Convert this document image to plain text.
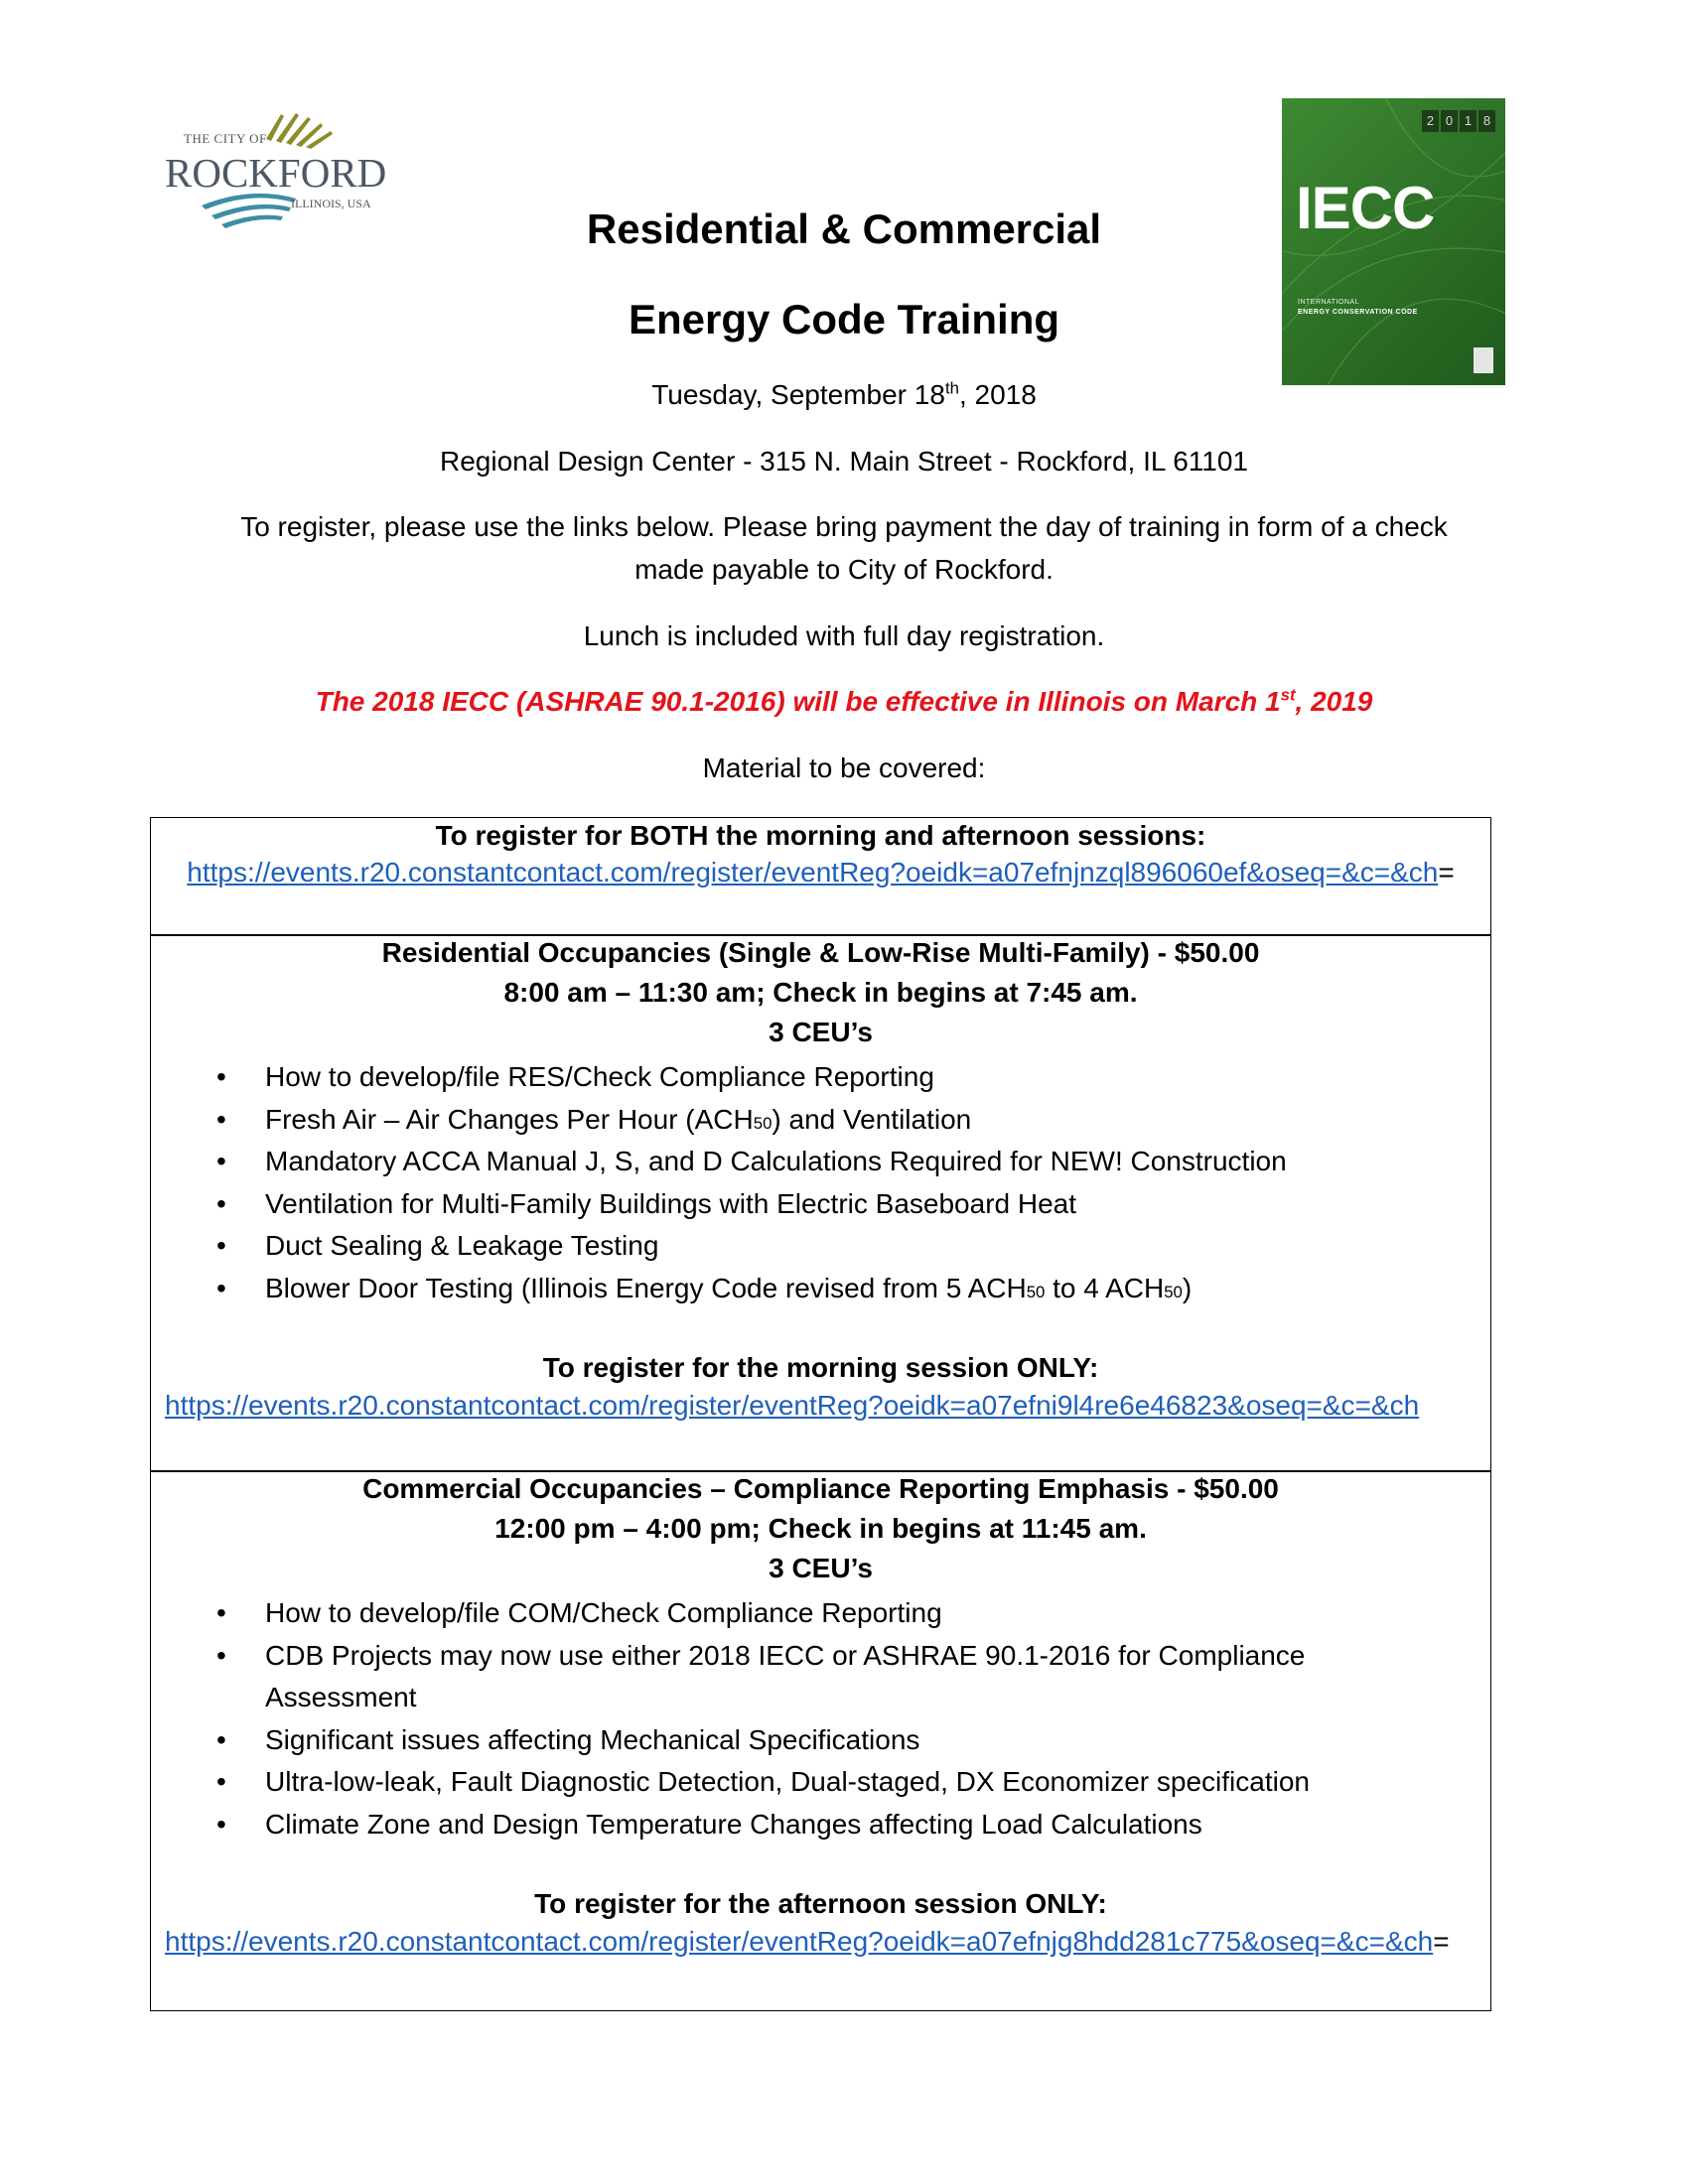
THE CITY OF
ROCKFORD
ILLINOIS, USA
2 0 1 8
IECC
INTERNATIONAL
ENERGY CONSERVATION CODE
Residential & Commercial
Energy Code Training
Tuesday, September 18th, 2018
Regional Design Center - 315 N. Main Street - Rockford, IL 61101
To register, please use the links below. Please bring payment the day of training in form of a check
made payable to City of Rockford.
Lunch is included with full day registration.
The 2018 IECC (ASHRAE 90.1-2016) will be effective in Illinois on March 1st, 2019
Material to be covered:
To register for BOTH the morning and afternoon sessions:
https://events.r20.constantcontact.com/register/eventReg?oeidk=a07efnjnzql896060ef&oseq=&c=&ch=
Residential Occupancies (Single & Low-Rise Multi-Family) - $50.00
8:00 am – 11:30 am; Check in begins at 7:45 am.
3 CEU’s
• How to develop/file RES/Check Compliance Reporting
• Fresh Air – Air Changes Per Hour (ACH50) and Ventilation
• Mandatory ACCA Manual J, S, and D Calculations Required for NEW! Construction
• Ventilation for Multi-Family Buildings with Electric Baseboard Heat
• Duct Sealing & Leakage Testing
• Blower Door Testing (Illinois Energy Code revised from 5 ACH50 to 4 ACH50)
To register for the morning session ONLY:
https://events.r20.constantcontact.com/register/eventReg?oeidk=a07efni9l4re6e46823&oseq=&c=&ch
Commercial Occupancies – Compliance Reporting Emphasis - $50.00
12:00 pm – 4:00 pm; Check in begins at 11:45 am.
3 CEU’s
• How to develop/file COM/Check Compliance Reporting
• CDB Projects may now use either 2018 IECC or ASHRAE 90.1-2016 for Compliance
Assessment
• Significant issues affecting Mechanical Specifications
• Ultra-low-leak, Fault Diagnostic Detection, Dual-staged, DX Economizer specification
• Climate Zone and Design Temperature Changes affecting Load Calculations
To register for the afternoon session ONLY:
https://events.r20.constantcontact.com/register/eventReg?oeidk=a07efnjg8hdd281c775&oseq=&c=&ch=
